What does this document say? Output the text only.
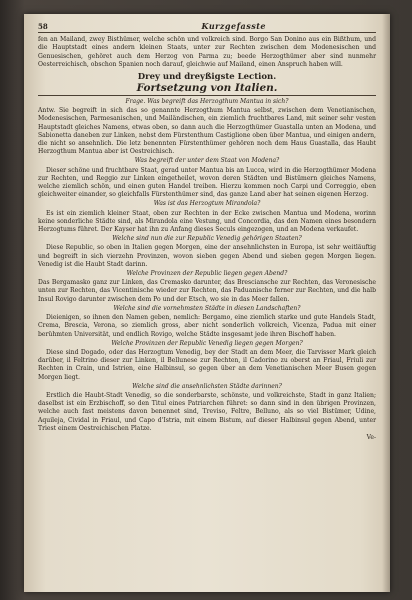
58	Kurzgefasste

fen an Mailand, zwey Bisthümer, welche schön und volkreich sind. Borgo San Donino aus ein Bißthum, und die Hauptstadt eines andern kleinen Staats, unter zur Rechten zwischen dem Modenesischen und Genuesischen, gehöret auch dem Herzog von Parma zu; beede Herzogthümer aber sind nunmehr Oesterreichisch, obschon Spanien noch darauf, gleichwie auf Mailand, einen Anspruch haben will.

Drey und dreyßigste Lection.
Fortsetzung von Italien.
Frage. Was begreift das Herzogthum Mantua in sich?

Antw. Sie begreift in sich das so genannte Herzogthum Mantua selbst, zwischen dem Venetianischen, Modenesischen, Parmesanischen, und Mailändischen, ein ziemlich fruchtbares Land, mit seiner sehr vesten Hauptstadt gleiches Namens, etwas oben, so dann auch die Herzogthümer Guastalla unten an Modena, und Sabionetta daneben zur Linken, nebst dem Fürstenthum Castiglione oben über Mantua, und einigen andern, die nicht so ansehnlich. Die letz benennten Fürstenthümer gehören noch dem Haus Guastalla, das Haubt Herzogthum Mantua aber ist Oestreichisch.

Was begreift der unter dem Staat von Modena?

Dieser schöne und fruchtbare Staat, gerad unter Mantua bis an Lucca, wird in die Herzogthümer Modena zur Rechten, und Reggio zur Linken eingetheilet, wovon deren Städten und Bistümern gleiches Namens, welche ziemlich schön, und einen guten Handel treiben. Hierzu kommen noch Carpi und Correggio, eben gleichweiter einander, so gleichfalls Fürstenthümer sind, das ganze Land aber hat seinen eigenen Herzog.

Was ist das Herzogtum Mirandola?

Es ist ein ziemlich kleiner Staat, oben zur Rechten in der Ecke zwischen Mantua und Modena, worinn keine sonderliche Städte sind, als Mirandola eine Vestung, und Concordia, das den Namen eines besondern Herzogtums führet. Der Kayser hat ihn zu Anfang dieses Seculs eingezogen, und an Modena verkaufet.

Welche sind nun die zur Republic Venedig gehörigen Staaten?

Diese Republic, so oben in Italien gegen Morgen, eine der ansehnlichsten in Europa, ist sehr weitläuftig und begreift in sich vierzehn Provinzen, wovon sieben gegen Abend und sieben gegen Morgen liegen. Venedig ist die Haubt Stadt darinn.

Welche Provinzen der Republic liegen gegen Abend?

Das Bergamasko ganz zur Linken, das Cremasko darunter, das Bresciansche zur Rechten, das Veronesische unten zur Rechten, das Vicentinische wieder zur Rechten, das Paduanische ferner zur Rechten, und die halb Insul Rovigo darunter zwischen dem Po und der Etsch, wo sie in das Meer fallen.

Welche sind die vornehmsten Städte in diesen Landschaften?

Dieienigen, so ihnen den Namen geben, nemlich: Bergamo, eine ziemlich starke und gute Handels Stadt, Crema, Brescia, Verona, so ziemlich gross, aber nicht sonderlich volkreich, Vicenza, Padua mit einer berühmten Universität, und endlich Rovigo, welche Städte insgesamt jede ihren Bischoff haben.

Welche Provinzen der Republic Venedig liegen gegen Morgen?

Diese sind Dogado, oder das Herzogtum Venedig, bey der Stadt an dem Meer, die Tarvisser Mark gleich darüber, il Feltrino dieser zur Linken, il Bellunese zur Rechten, il Cadorino zu oberst an Friaul, Friuli zur Rechten in Crain, und Istrien, eine Halbinsul, so gegen über an dem Venetianischen Meer Busen gegen Morgen liegt.

Welche sind die ansehnlichsten Städte darinnen?

Erstlich die Haubt-Stadt Venedig, so die sonderbarste, schönste, und volkreichste, Stadt in ganz Italien; daselbst ist ein Erzbischoff, so den Titul eines Patriarchen führet: so dann sind in den übrigen Provinzen, welche auch fast meistens davon benennet sind, Treviso, Feltre, Belluno, als so viel Bistümer, Udine, Aquileja, Cividal in Friaul, und Capo d'Istria, mit einem Bistum, auf dieser Halbinsul gegen Abend, unter Triest einem Oestreichischen Platze.

Ve-
